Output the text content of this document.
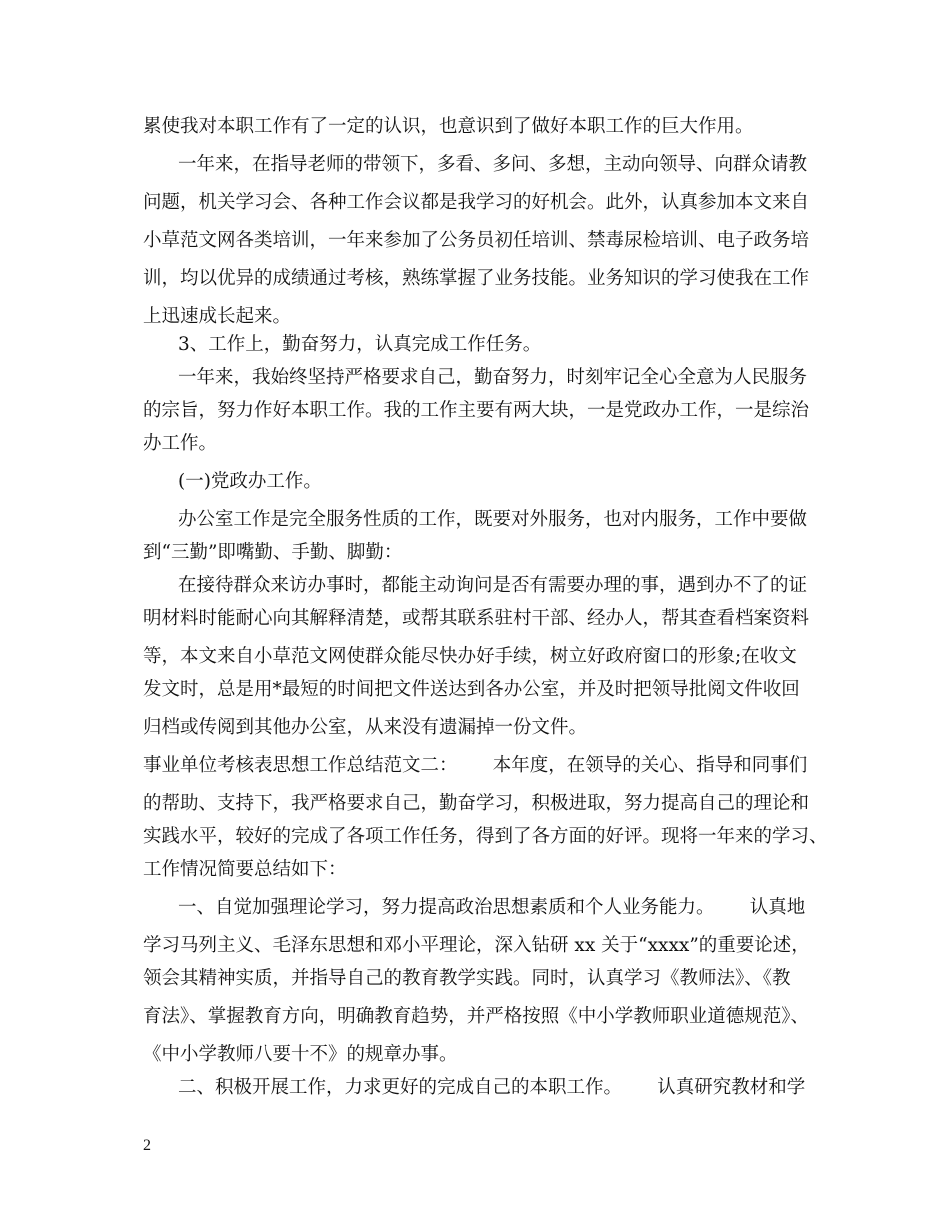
累使我对本职工作有了一定的认识，也意识到了做好本职工作的巨大作用。
一年来，在指导老师的带领下，多看、多问、多想，主动向领导、向群众请教
问题，机关学习会、各种工作会议都是我学习的好机会。此外，认真参加本文来自
小草范文网各类培训，一年来参加了公务员初任培训、禁毒尿检培训、电子政务培
训，均以优异的成绩通过考核，熟练掌握了业务技能。业务知识的学习使我在工作
上迅速成长起来。
3、工作上，勤奋努力，认真完成工作任务。
一年来，我始终坚持严格要求自己，勤奋努力，时刻牢记全心全意为人民服务
的宗旨，努力作好本职工作。我的工作主要有两大块，一是党政办工作，一是综治
办工作。
(一)党政办工作。
办公室工作是完全服务性质的工作，既要对外服务，也对内服务，工作中要做
到“三勤”即嘴勤、手勤、脚勤：
在接待群众来访办事时，都能主动询问是否有需要办理的事，遇到办不了的证
明材料时能耐心向其解释清楚，或帮其联系驻村干部、经办人，帮其查看档案资料
等，本文来自小草范文网使群众能尽快办好手续，树立好政府窗口的形象;在收文
发文时，总是用*最短的时间把文件送达到各办公室，并及时把领导批阅文件收回
归档或传阅到其他办公室，从来没有遗漏掉一份文件。
事业单位考核表思想工作总结范文二：      本年度，在领导的关心、指导和同事们
的帮助、支持下，我严格要求自己，勤奋学习，积极进取，努力提高自己的理论和
实践水平，较好的完成了各项工作任务，得到了各方面的好评。现将一年来的学习、
工作情况简要总结如下：
一、自觉加强理论学习，努力提高政治思想素质和个人业务能力。      认真地
学习马列主义、毛泽东思想和邓小平理论，深入钻研 xx 关于“xxxx”的重要论述，
领会其精神实质，并指导自己的教育教学实践。同时，认真学习《教师法》、《教
育法》、掌握教育方向，明确教育趋势，并严格按照《中小学教师职业道德规范》、
《中小学教师八要十不》的规章办事。
二、积极开展工作，力求更好的完成自己的本职工作。      认真研究教材和学
2
